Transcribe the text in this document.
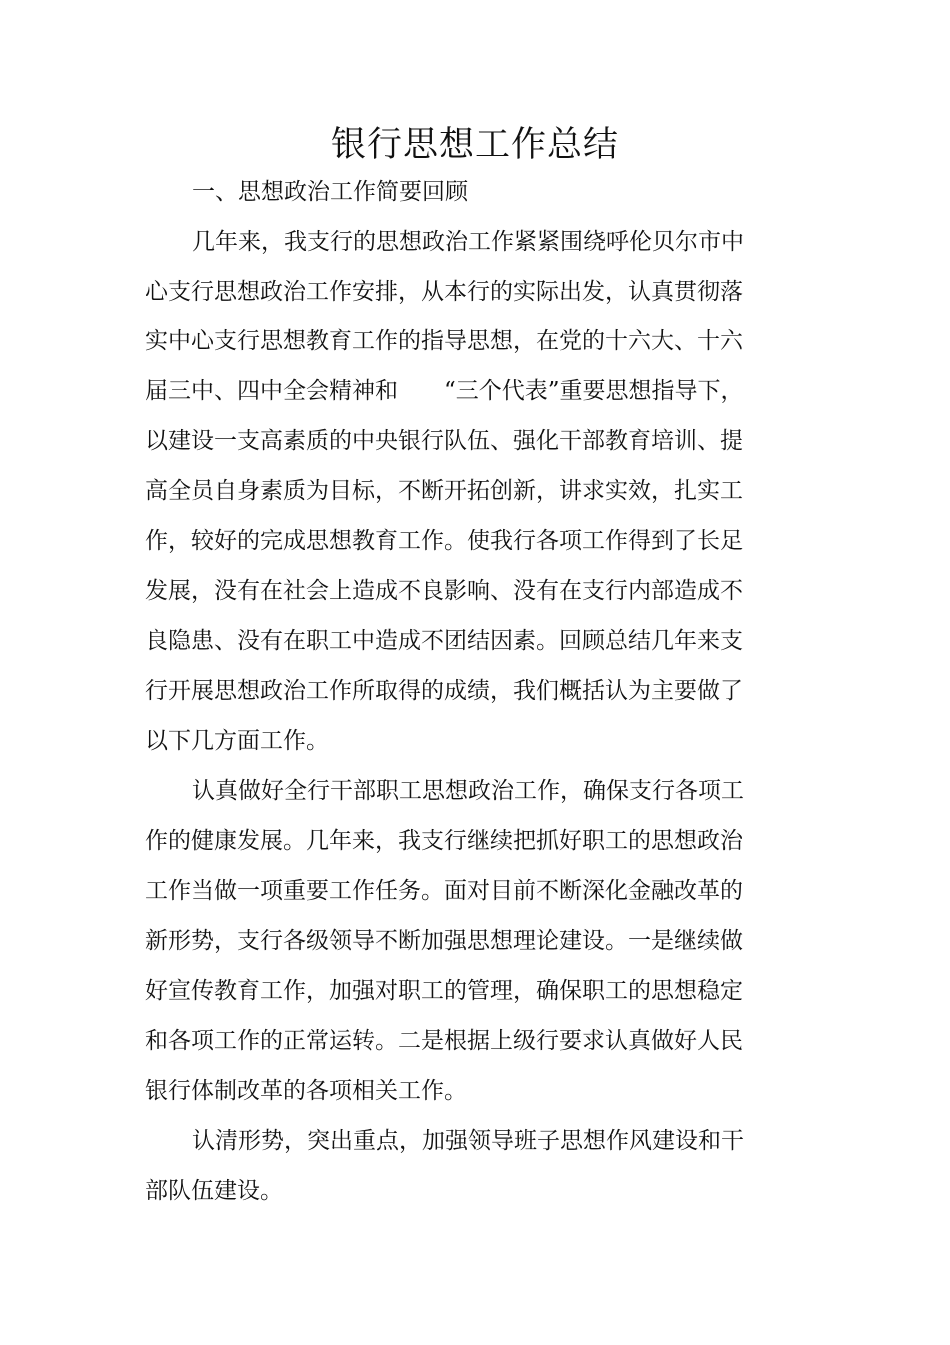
银行思想工作总结

一、思想政治工作简要回顾

几年来，我支行的思想政治工作紧紧围绕呼伦贝尔市中

心支行思想政治工作安排，从本行的实际出发，认真贯彻落

实中心支行思想教育工作的指导思想，在党的十六大、十六

届三中、四中全会精神和　　“三个代表”重要思想指导下，

以建设一支高素质的中央银行队伍、强化干部教育培训、提

高全员自身素质为目标，不断开拓创新，讲求实效，扎实工

作，较好的完成思想教育工作。使我行各项工作得到了长足

发展，没有在社会上造成不良影响、没有在支行内部造成不

良隐患、没有在职工中造成不团结因素。回顾总结几年来支

行开展思想政治工作所取得的成绩，我们概括认为主要做了

以下几方面工作。

认真做好全行干部职工思想政治工作，确保支行各项工

作的健康发展。几年来，我支行继续把抓好职工的思想政治

工作当做一项重要工作任务。面对目前不断深化金融改革的

新形势，支行各级领导不断加强思想理论建设。一是继续做

好宣传教育工作，加强对职工的管理，确保职工的思想稳定

和各项工作的正常运转。二是根据上级行要求认真做好人民

银行体制改革的各项相关工作。

认清形势，突出重点，加强领导班子思想作风建设和干

部队伍建设。
